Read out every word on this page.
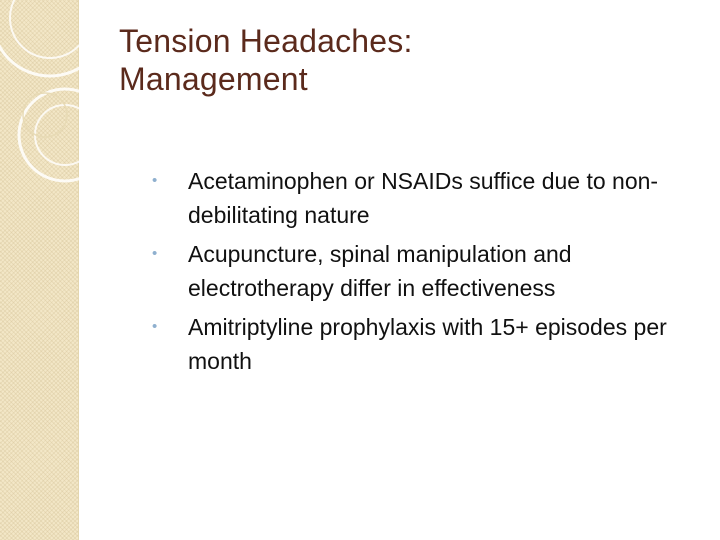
Tension Headaches:
Management
• Acetaminophen or NSAIDs suffice due to non-debilitating nature
• Acupuncture, spinal manipulation and electrotherapy differ in effectiveness
• Amitriptyline prophylaxis with 15+ episodes per month
